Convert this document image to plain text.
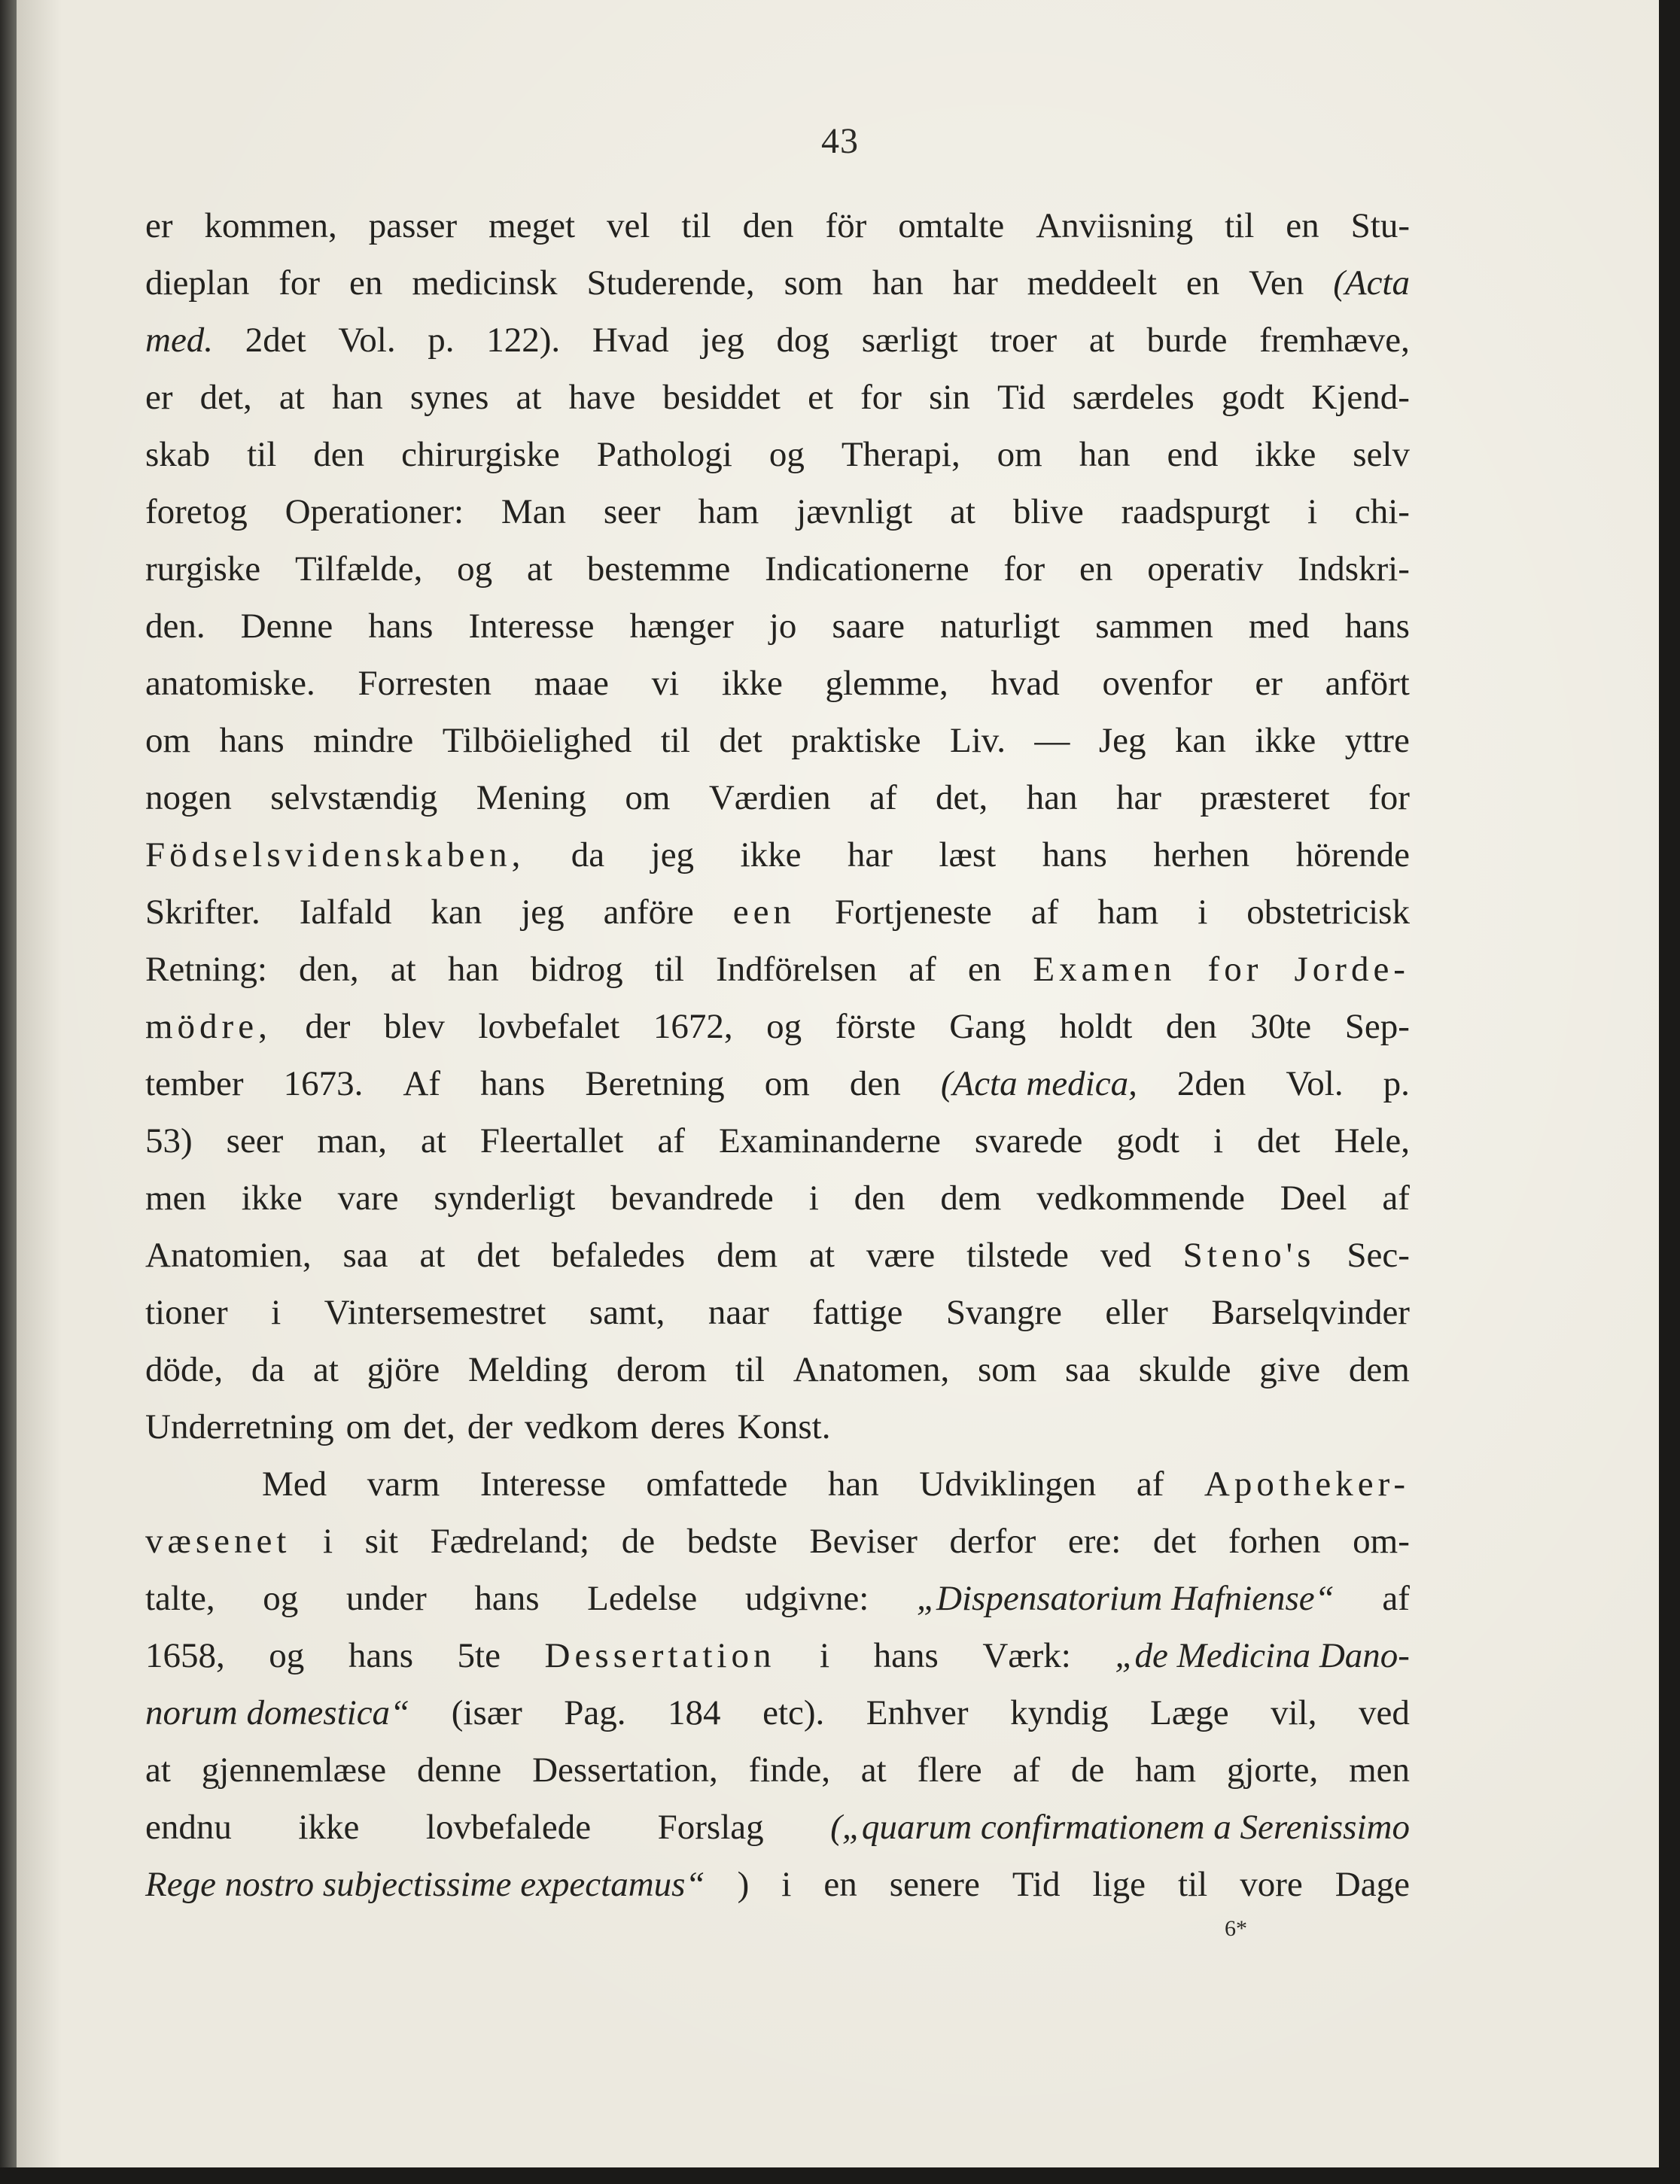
43
er kommen, passer meget vel til den för omtalte Anviisning til en Stu-
dieplan for en medicinsk Studerende, som han har meddeelt en Ven (Acta
med. 2det Vol. p. 122). Hvad jeg dog særligt troer at burde fremhæve,
er det, at han synes at have besiddet et for sin Tid særdeles godt Kjend-
skab til den chirurgiske Pathologi og Therapi, om han end ikke selv
foretog Operationer: Man seer ham jævnligt at blive raadspurgt i chi-
rurgiske Tilfælde, og at bestemme Indicationerne for en operativ Indskri-
den. Denne hans Interesse hænger jo saare naturligt sammen med hans
anatomiske. Forresten maae vi ikke glemme, hvad ovenfor er anfört
om hans mindre Tilböielighed til det praktiske Liv. — Jeg kan ikke yttre
nogen selvstændig Mening om Værdien af det, han har præsteret for
Födselsvidenskaben, da jeg ikke har læst hans herhen hörende
Skrifter. Ialfald kan jeg anföre een Fortjeneste af ham i obstetricisk
Retning: den, at han bidrog til Indförelsen af en Examen for Jorde-
mödre, der blev lovbefalet 1672, og förste Gang holdt den 30te Sep-
tember 1673. Af hans Beretning om den (Acta medica, 2den Vol. p.
53) seer man, at Fleertallet af Examinanderne svarede godt i det Hele,
men ikke vare synderligt bevandrede i den dem vedkommende Deel af
Anatomien, saa at det befaledes dem at være tilstede ved Steno's Sec-
tioner i Vintersemestret samt, naar fattige Svangre eller Barselqvinder
döde, da at gjöre Melding derom til Anatomen, som saa skulde give dem
Underretning om det, der vedkom deres Konst.
Med varm Interesse omfattede han Udviklingen af Apotheker-
væsenet i sit Fædreland; de bedste Beviser derfor ere: det forhen om-
talte, og under hans Ledelse udgivne: „Dispensatorium Hafniense“ af
1658, og hans 5te Dessertation i hans Værk: „de Medicina Dano-
norum domestica“ (især Pag. 184 etc). Enhver kyndig Læge vil, ved
at gjennemlæse denne Dessertation, finde, at flere af de ham gjorte, men
endnu ikke lovbefalede Forslag („quarum confirmationem a Serenissimo
Rege nostro subjectissime expectamus“ ) i en senere Tid lige til vore Dage
6*
